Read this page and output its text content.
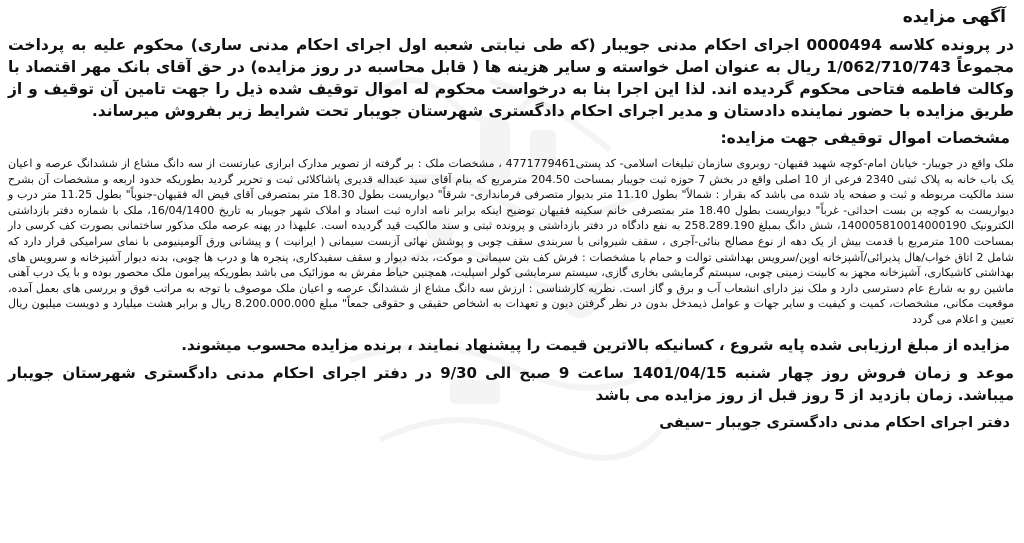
آگهی مزایده
در پرونده کلاسه 0000494 اجرای احکام مدنی جویبار (که طی نیابتی شعبه اول اجرای احکام مدنی ساری) محکوم علیه به پرداخت مجموعاً 1/062/710/743 ریال به عنوان اصل خواسته و سایر هزینه ها ( قابل محاسبه در روز مزایده) در حق آقای بانک مهر اقتصاد با وکالت فاطمه فتاحی محکوم گردیده اند. لذا این اجرا بنا به درخواست محکوم له اموال توقیف شده ذیل را جهت تامین آن توقیف و از طریق مزایده با حضور نماینده دادستان و مدیر اجرای احکام دادگستری شهرستان جویبار تحت شرایط زیر بفروش میرساند.
مشخصات اموال توقیفی جهت مزایده:
ملک واقع در جویبار- خیابان امام-کوچه شهید فقیهان- روبروی سازمان تبلیغات اسلامی- کد پستی4771779461 ، مشخصات ملک : بر گرفته از تصویر مدارک ابرازی عبارتست از سه دانگ مشاع از ششدانگ عرصه و اعیان یک باب خانه به پلاک ثبتی 2340 فرعی از 10 اصلی واقع در بخش 7 حوزه ثبت جویبار بمساحت 204.50 مترمربع که بنام آقای سید عبداله قدیری پاشاکلائی ثبت و تحریر گردید بطوریکه حدود اربعه و مشخصات آن بشرح سند مالکیت مربوطه و ثبت و صفحه یاد شده می باشد که بقرار : شمالاً" بطول 11.10 متر بدیوار متصرفی فرمانداری- شرقاً" دیواریست بطول 18.30 متر بمتصرفی آقای فیض اله فقیهان-جنوباً" بطول 11.25 متر درب و دیواریست به کوچه بن بست احداثی- غرباً" دیواریست بطول 18.40 متر بمتصرفی خانم سکینه فقیهان توضیح اینکه برابر نامه اداره ثبت اسناد و املاک شهر جویبار به تاریخ 16/04/1400، ملک با شماره دفتر بازداشتی الکترونیک 140005810014000190، شش دانگ بمبلغ 258.289.190 به نفع دادگاه در دفتر بازداشتی و پرونده ثبتی و سند مالکیت قید گردیده است. علیهذا در پهنه عرصه ملک مذکور ساختمانی بصورت کف کرسی دار بمساحت 100 مترمربع با قدمت بیش از یک دهه از نوع مصالح بنائی-آجری ، سقف شیروانی با سربندی سقف چوبی و پوشش نهائی آزبست سیمانی ( ایرانیت ) و پیشانی ورق آلومینیومی با نمای سرامیکی قرار دارد که شامل 2 اتاق خواب/هال پذیرائی/آشپزخانه اوپن/سرویس بهداشتی توالت و حمام با مشخصات : فرش کف بتن سیمانی و موکت، بدنه دیوار و سقف سفیدکاری، پنجره ها و درب ها چوبی، بدنه دیوار آشپزخانه و سرویس های بهداشتی کاشیکاری، آشپزخانه مجهز به کابینت زمینی چوبی، سیستم گرمایشی بخاری گازی، سیستم سرمایشی کولر اسپلیت، همچنین حیاط مفرش به موزائیک می باشد بطوریکه پیرامون ملک محصور بوده و با یک درب آهنی ماشین رو به شارع عام دسترسی دارد و ملک نیز دارای انشعاب آب و برق و گاز است. نظریه کارشناسی : ارزش سه دانگ مشاع از ششدانگ عرصه و اعیان ملک موصوف با توجه به مراتب فوق و بررسی های بعمل آمده، موقعیت مکانی، مشخصات، کمیت و کیفیت و سایر جهات و عوامل ذیمدخل بدون در نظر گرفتن دیون و تعهدات به اشخاص حقیقی و حقوقی جمعاً" مبلغ 8.200.000.000 ریال و برابر هشت میلیارد و دویست میلیون ریال تعیین و اعلام می گردد
مزایده از مبلغ ارزیابی شده پایه شروع ، کسانیکه بالاترین قیمت را پیشنهاد نمایند ، برنده مزایده محسوب میشوند.
موعد و زمان فروش روز چهار شنبه 1401/04/15 ساعت 9 صبح الی 9/30 در دفتر اجرای احکام مدنی دادگستری شهرستان جویبار میباشد. زمان بازدید از 5 روز قبل از روز مزایده می باشد
دفتر اجرای احکام مدنی دادگستری جویبار –سیفی
